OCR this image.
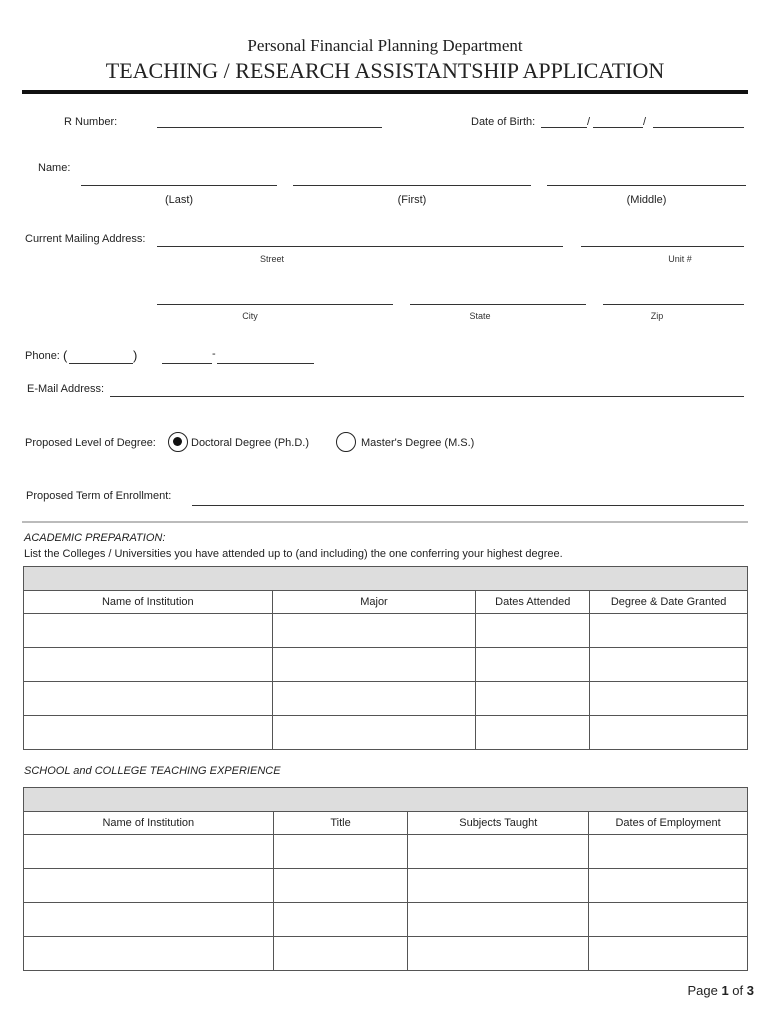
Personal Financial Planning Department
TEACHING / RESEARCH ASSISTANTSHIP APPLICATION
R Number:	Date of Birth:	/	/
Name:
(Last)	(First)	(Middle)
Current Mailing Address:
Street	Unit #
City	State	Zip
Phone: (	)	-
E-Mail Address:
Proposed Level of Degree:	Doctoral Degree (Ph.D.)	Master's Degree (M.S.)
Proposed Term of Enrollment:
ACADEMIC PREPARATION:
List the Colleges / Universities you have attended up to (and including) the one conferring your highest degree.

Name of Institution	Major	Dates Attended	Degree & Date Granted

SCHOOL and COLLEGE TEACHING EXPERIENCE

Name of Institution	Title	Subjects Taught	Dates of Employment

Page 1 of 3
